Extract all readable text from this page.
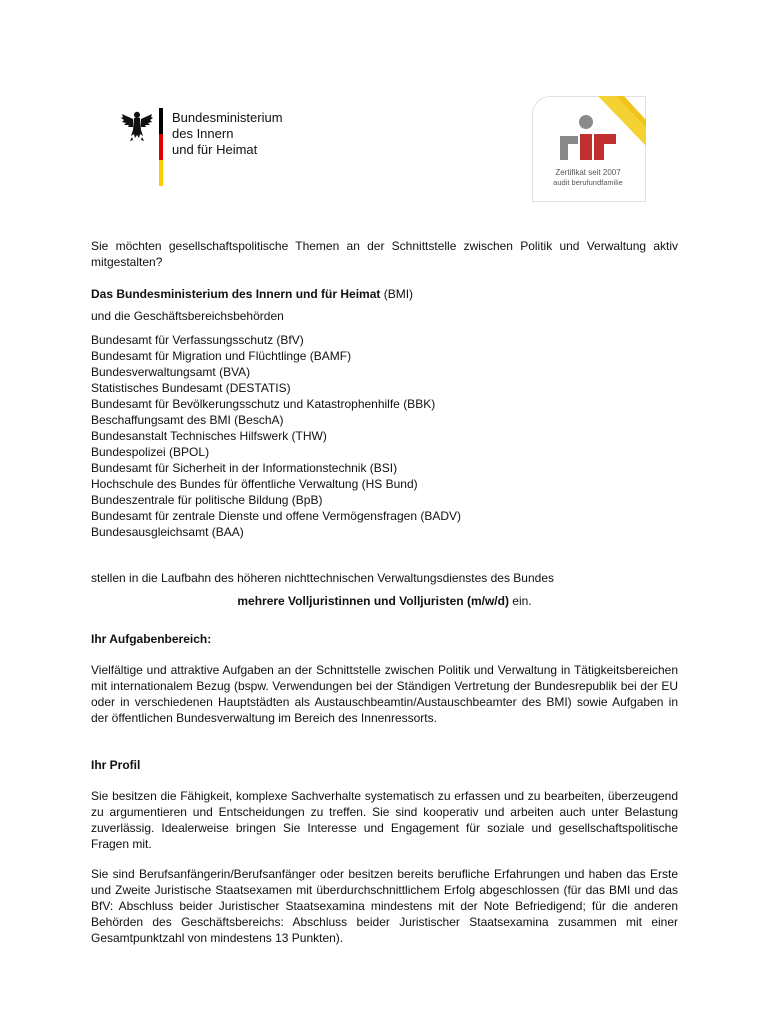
Bundesministerium
des Innern
und für Heimat
Zertifikat seit 2007
audit berufundfamilie
Sie möchten gesellschaftspolitische Themen an der Schnittstelle zwischen Politik und Verwaltung aktiv mitgestalten?
Das Bundesministerium des Innern und für Heimat (BMI)
und die Geschäftsbereichsbehörden
Bundesamt für Verfassungsschutz (BfV)
Bundesamt für Migration und Flüchtlinge (BAMF)
Bundesverwaltungsamt (BVA)
Statistisches Bundesamt (DESTATIS)
Bundesamt für Bevölkerungsschutz und Katastrophenhilfe (BBK)
Beschaffungsamt des BMI (BeschA)
Bundesanstalt Technisches Hilfswerk (THW)
Bundespolizei (BPOL)
Bundesamt für Sicherheit in der Informationstechnik (BSI)
Hochschule des Bundes für öffentliche Verwaltung (HS Bund)
Bundeszentrale für politische Bildung (BpB)
Bundesamt für zentrale Dienste und offene Vermögensfragen (BADV)
Bundesausgleichsamt (BAA)
stellen in die Laufbahn des höheren nichttechnischen Verwaltungsdienstes des Bundes
mehrere Volljuristinnen und Volljuristen (m/w/d) ein.
Ihr Aufgabenbereich:
Vielfältige und attraktive Aufgaben an der Schnittstelle zwischen Politik und Verwaltung in Tätigkeitsbereichen mit internationalem Bezug (bspw. Verwendungen bei der Ständigen Vertretung der Bundesrepublik bei der EU oder in verschiedenen Hauptstädten als Austauschbeamtin/Austauschbeamter des BMI) sowie Aufgaben in der öffentlichen Bundesverwaltung im Bereich des Innenressorts.
Ihr Profil
Sie besitzen die Fähigkeit, komplexe Sachverhalte systematisch zu erfassen und zu bearbeiten, überzeugend zu argumentieren und Entscheidungen zu treffen. Sie sind kooperativ und arbeiten auch unter Belastung zuverlässig. Idealerweise bringen Sie Interesse und Engagement für soziale und gesellschaftspolitische Fragen mit.
Sie sind Berufsanfängerin/Berufsanfänger oder besitzen bereits berufliche Erfahrungen und haben das Erste und Zweite Juristische Staatsexamen mit überdurchschnittlichem Erfolg abgeschlossen (für das BMI und das BfV: Abschluss beider Juristischer Staatsexamina mindestens mit der Note Befriedigend; für die anderen Behörden des Geschäftsbereichs: Abschluss beider Juristischer Staatsexamina zusammen mit einer Gesamtpunktzahl von mindestens 13 Punkten).
